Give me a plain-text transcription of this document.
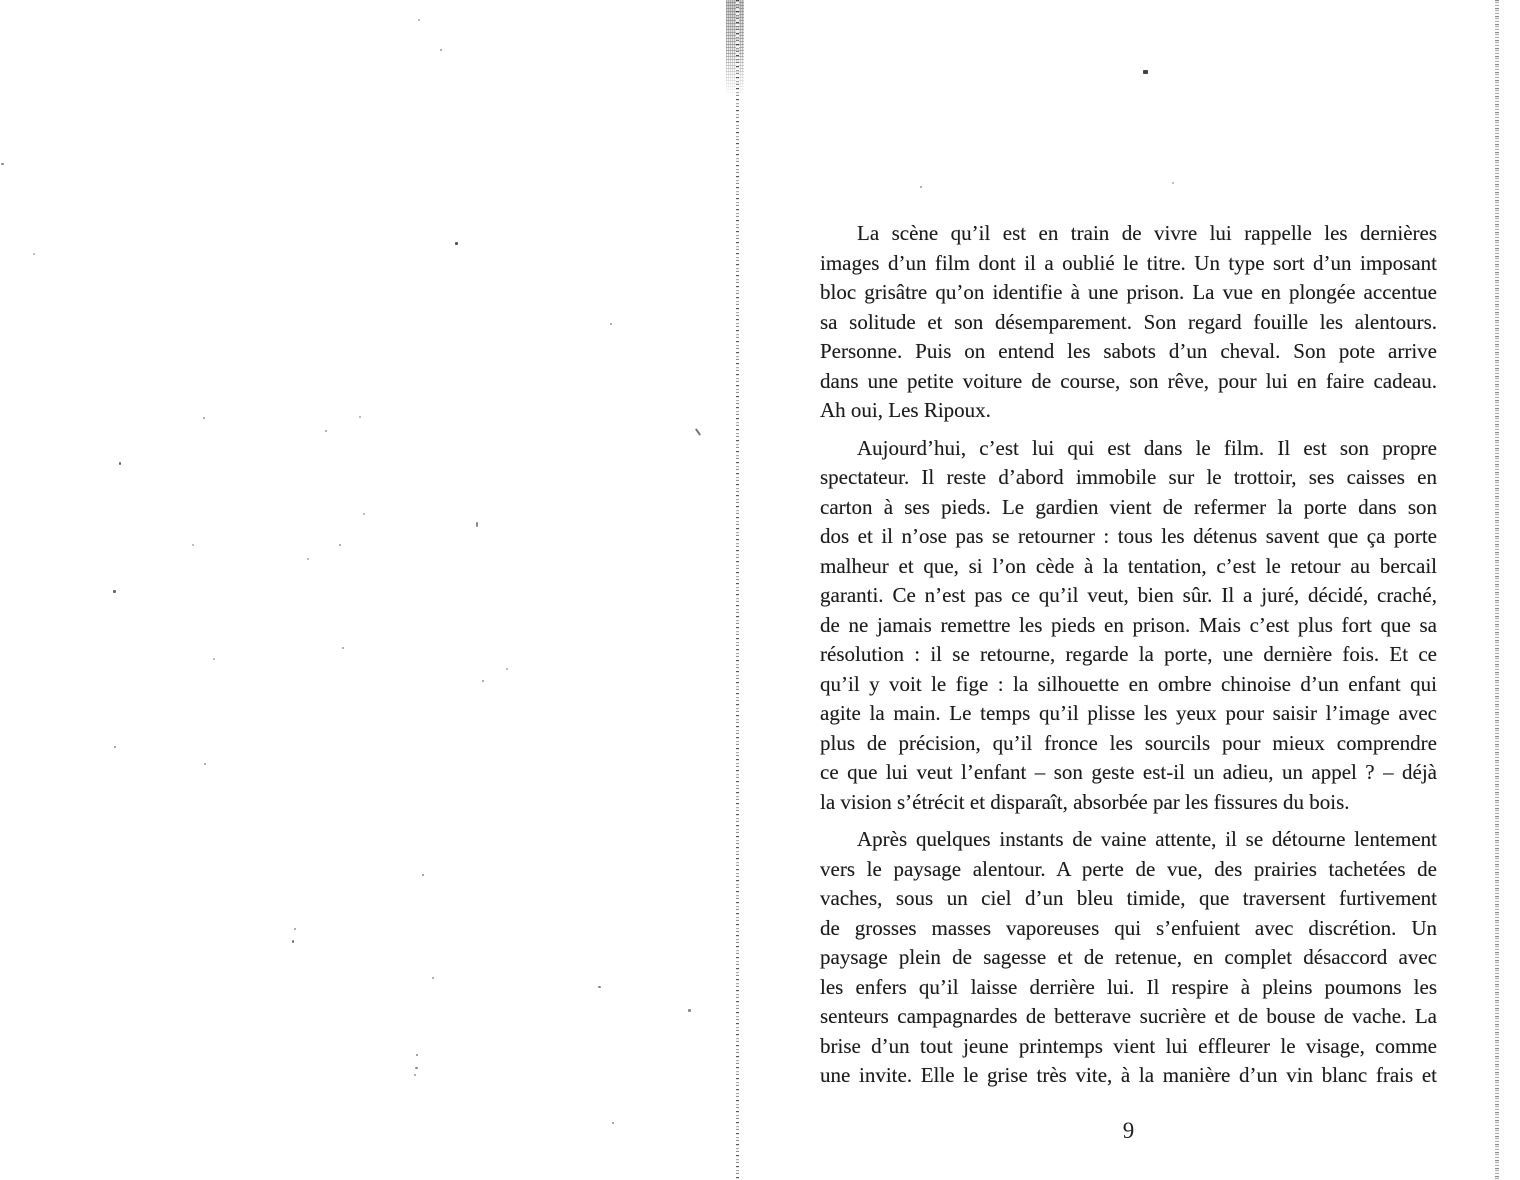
La scène qu’il est en train de vivre lui rappelle les dernières
images d’un film dont il a oublié le titre. Un type sort d’un imposant
bloc grisâtre qu’on identifie à une prison. La vue en plongée accentue
sa solitude et son désemparement. Son regard fouille les alentours.
Personne. Puis on entend les sabots d’un cheval. Son pote arrive
dans une petite voiture de course, son rêve, pour lui en faire cadeau.
Ah oui, Les Ripoux.
Aujourd’hui, c’est lui qui est dans le film. Il est son propre
spectateur. Il reste d’abord immobile sur le trottoir, ses caisses en
carton à ses pieds. Le gardien vient de refermer la porte dans son
dos et il n’ose pas se retourner : tous les détenus savent que ça porte
malheur et que, si l’on cède à la tentation, c’est le retour au bercail
garanti. Ce n’est pas ce qu’il veut, bien sûr. Il a juré, décidé, craché,
de ne jamais remettre les pieds en prison. Mais c’est plus fort que sa
résolution : il se retourne, regarde la porte, une dernière fois. Et ce
qu’il y voit le fige : la silhouette en ombre chinoise d’un enfant qui
agite la main. Le temps qu’il plisse les yeux pour saisir l’image avec
plus de précision, qu’il fronce les sourcils pour mieux comprendre
ce que lui veut l’enfant – son geste est-il un adieu, un appel ? – déjà
la vision s’étrécit et disparaît, absorbée par les fissures du bois.
Après quelques instants de vaine attente, il se détourne lentement
vers le paysage alentour. A perte de vue, des prairies tachetées de
vaches, sous un ciel d’un bleu timide, que traversent furtivement
de grosses masses vaporeuses qui s’enfuient avec discrétion. Un
paysage plein de sagesse et de retenue, en complet désaccord avec
les enfers qu’il laisse derrière lui. Il respire à pleins poumons les
senteurs campagnardes de betterave sucrière et de bouse de vache. La
brise d’un tout jeune printemps vient lui effleurer le visage, comme
une invite. Elle le grise très vite, à la manière d’un vin blanc frais et
9
